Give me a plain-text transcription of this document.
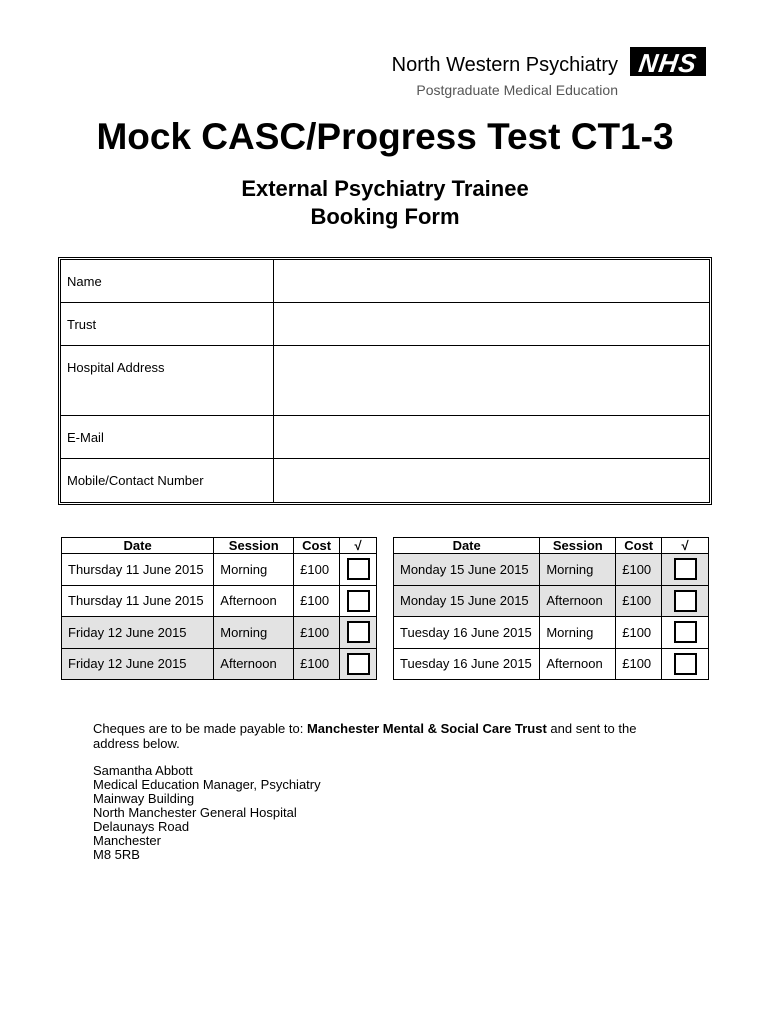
North Western Psychiatry
Postgraduate Medical Education
NHS
Mock CASC/Progress Test CT1-3
External Psychiatry Trainee
Booking Form
Name
Trust
Hospital Address
E-Mail
Mobile/Contact Number
Date	Session	Cost	√
Thursday 11 June 2015	Morning	£100	
Thursday 11 June 2015	Afternoon	£100	
Friday 12 June 2015	Morning	£100	
Friday 12 June 2015	Afternoon	£100	
Date	Session	Cost	√
Monday 15 June 2015	Morning	£100	
Monday 15 June 2015	Afternoon	£100	
Tuesday 16 June 2015	Morning	£100	
Tuesday 16 June 2015	Afternoon	£100	
Cheques are to be made payable to: Manchester Mental & Social Care Trust and sent to the address below.
Samantha Abbott
Medical Education Manager, Psychiatry
Mainway Building
North Manchester General Hospital
Delaunays Road
Manchester
M8 5RB
